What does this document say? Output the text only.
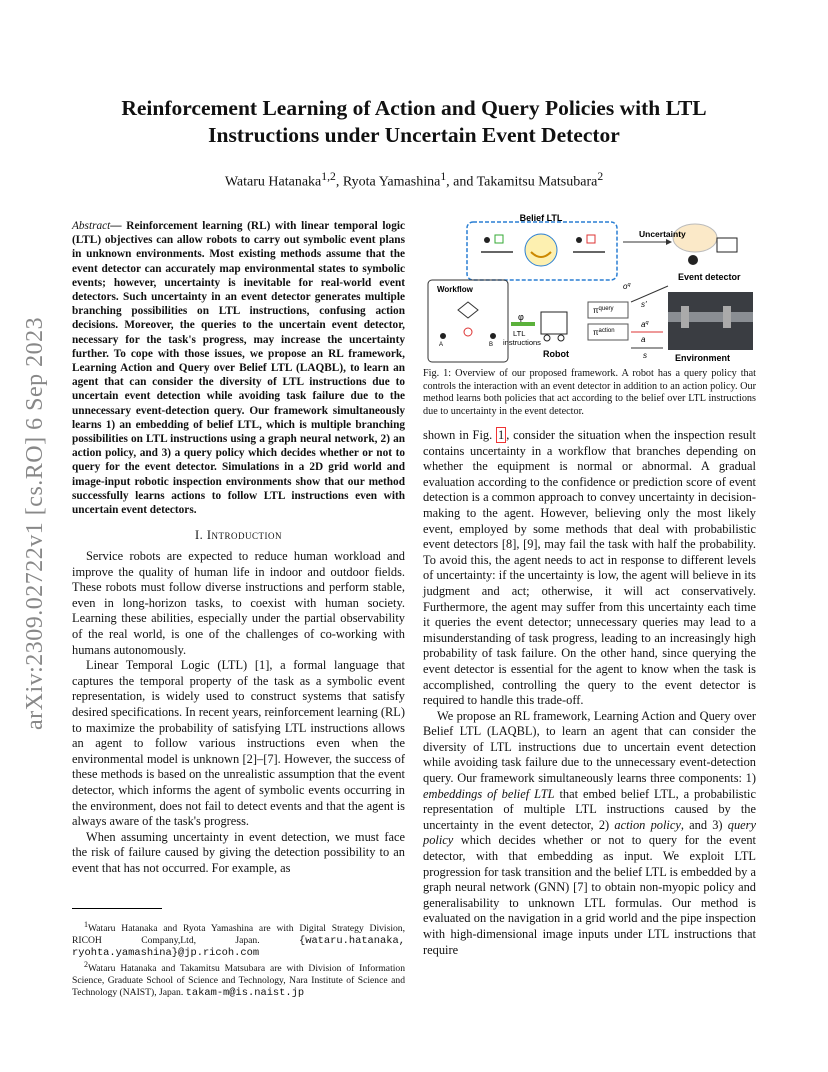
arXiv:2309.02722v1 [cs.RO] 6 Sep 2023
Reinforcement Learning of Action and Query Policies with LTL
Instructions under Uncertain Event Detector
Wataru Hatanaka$^{1,2}$, Ryota Yamashina$^1$, and Takamitsu Matsubara$^2$
Abstract— Reinforcement learning (RL) with linear temporal logic (LTL) objectives can allow robots to carry out symbolic event plans in unknown environments. Most existing methods assume that the event detector can accurately map environmental states to symbolic events; however, uncertainty is inevitable for real-world event detectors. Such uncertainty in an event detector generates multiple branching possibilities on LTL instructions, confusing action decisions. Moreover, the queries to the uncertain event detector, necessary for the task's progress, may increase the uncertainty further. To cope with those issues, we propose an RL framework, Learning Action and Query over Belief LTL (LAQBL), to learn an agent that can consider the diversity of LTL instructions due to uncertain event detection while avoiding task failure due to the unnecessary event-detection query. Our framework simultaneously learns 1) an embedding of belief LTL, which is multiple branching possibilities on LTL instructions using a graph neural network, 2) an action policy, and 3) a query policy which decides whether or not to query for the event detector. Simulations in a 2D grid world and image-input robotic inspection environments show that our method successfully learns actions to follow LTL instructions even with uncertain event detectors.
I. Introduction

Service robots are expected to reduce human workload and improve the quality of human life in indoor and outdoor fields. These robots must follow diverse instructions and perform stable, even in long-horizon tasks, to coexist with human society. Learning these abilities, especially under the partial observability of the real world, is one of the challenges of co-working with humans autonomously.

Linear Temporal Logic (LTL) [1], a formal language that captures the temporal property of the task as a symbolic event representation, is widely used to construct systems that satisfy desired specifications. In recent years, reinforcement learning (RL) to maximize the probability of satisfying LTL instructions allows an agent to follow various instructions even when the environmental model is unknown [2]–[7]. However, the success of these methods is based on the unrealistic assumption that the event detector, which informs the agent of symbolic events occurring in the environment, does not fail to detect events and that the agent is always aware of the task's progress.

When assuming uncertainty in event detection, we must face the risk of failure caused by giving the detection possibility to an event that has not occurred. For example, as

$^1$Wataru Hatanaka and Ryota Yamashina are with Digital Strategy Division, RICOH Company,Ltd, Japan.	{wataru.hatanaka, ryohta.yamashina}@jp.ricoh.com

$^2$Wataru Hatanaka and Takamitsu Matsubara are with Division of Information Science, Graduate School of Science and Technology, Nara Institute of Science and Technology (NAIST), Japan. takam-m@is.naist.jp

Belief LTL
Uncertainty
Event detector
Workflow
A	B
φ
LTL
instructions
Robot
$\pi^{query}$
$\pi^{action}$
$o^q$
s'
$a^q$
a
s	Environment
Fig. 1: Overview of our proposed framework. A robot has a query policy that controls the interaction with an event detector in addition to an action policy. Our method learns both policies that act according to the belief over LTL instructions due to uncertainty in the event detector.

shown in Fig. 1 , consider the situation when the inspection result contains uncertainty in a workflow that branches depending on whether the equipment is normal or abnormal. A gradual evaluation according to the confidence or prediction score of event detection is a common approach to convey uncertainty in decision-making to the agent. However, believing only the most likely event, employed by some methods that deal with probabilistic event detectors [8], [9], may fail the task with half the probability. To avoid this, the agent needs to act in response to different levels of uncertainty: if the uncertainty is low, the agent will believe in its judgment and act; otherwise, it will act conservatively. Furthermore, the agent may suffer from this uncertainty each time it queries the event detector; unnecessary queries may lead to a misunderstanding of task progress, leading to an increasingly high probability of task failure. On the other hand, since querying the event detector is essential for the agent to know when the task is accomplished, controlling the query to the event detector is required to handle this trade-off.

We propose an RL framework, Learning Action and Query over Belief LTL (LAQBL), to learn an agent that can consider the diversity of LTL instructions due to uncertain event detection while avoiding task failure due to the unnecessary event-detection query. Our framework simultaneously learns three components: 1) embeddings of belief LTL that embed belief LTL, a probabilistic representation of multiple LTL instructions caused by the uncertainty in the event detector, 2) action policy, and 3) query policy which decides whether or not to query for the event detector, with that embedding as input. We exploit LTL progression for task transition and the belief LTL is embedded by a graph neural network (GNN) [7] to obtain non-myopic policy and generalisability to unknown LTL formulas. Our method is evaluated on the navigation in a grid world and the pipe inspection with high-dimensional image inputs under LTL instructions that require
